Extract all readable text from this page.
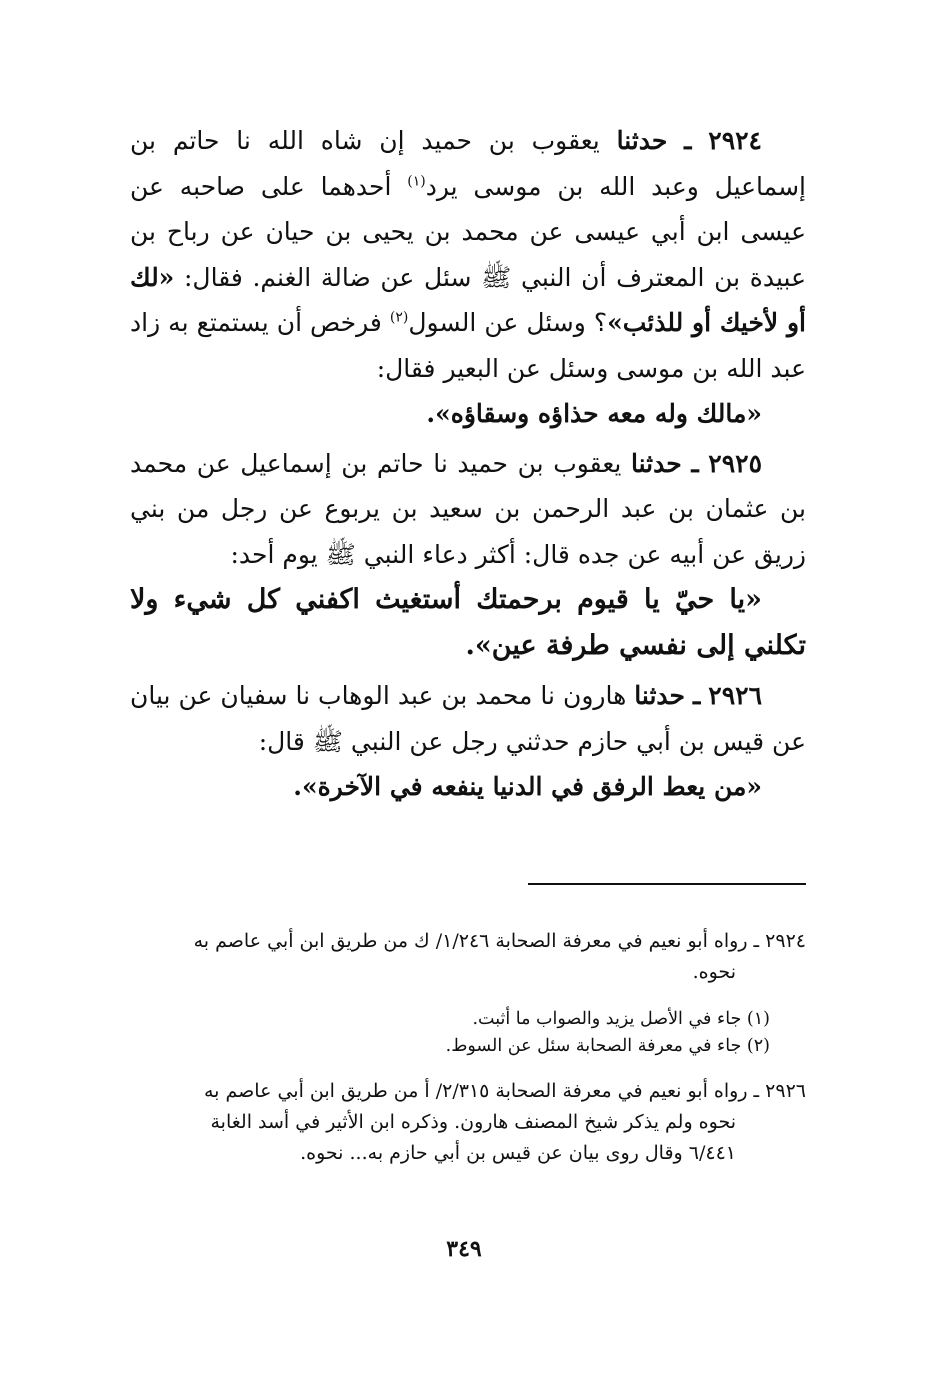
٢٩٢٤ ـ حدثنا يعقوب بن حميد إن شاه الله نا حاتم بن إسماعيل وعبد الله بن موسى يرد$^{(١)}$ أحدهما على صاحبه عن عيسى ابن أبي عيسى عن محمد بن يحيى بن حيان عن رباح بن عبيدة بن المعترف أن النبي ﷺ سئل عن ضالة الغنم. فقال: «لك أو لأخيك أو للذئب»؟ وسئل عن السول$^{(٢)}$ فرخص أن يستمتع به زاد عبد الله بن موسى وسئل عن البعير فقال:

«مالك وله معه حذاؤه وسقاؤه».

٢٩٢٥ ـ حدثنا يعقوب بن حميد نا حاتم بن إسماعيل عن محمد بن عثمان بن عبد الرحمن بن سعيد بن يربوع عن رجل من بني زريق عن أبيه عن جده قال: أكثر دعاء النبي ﷺ يوم أحد:

«يا حيّ يا قيوم برحمتك أستغيث اكفني كل شيء ولا تكلني إلى نفسي طرفة عين».

٢٩٢٦ ـ حدثنا هارون نا محمد بن عبد الوهاب نا سفيان عن بيان عن قيس بن أبي حازم حدثني رجل عن النبي ﷺ قال:

«من يعط الرفق في الدنيا ينفعه في الآخرة».

٢٩٢٤ ـ رواه أبو نعيم في معرفة الصحابة ١/٢٤٦/ ك من طريق ابن أبي عاصم به

نحوه.

(١) جاء في الأصل يزيد والصواب ما أثبت.

(٢) جاء في معرفة الصحابة سئل عن السوط.

٢٩٢٦ ـ رواه أبو نعيم في معرفة الصحابة ٢/٣١٥/ أ من طريق ابن أبي عاصم به

نحوه ولم يذكر شيخ المصنف هارون. وذكره ابن الأثير في أسد الغابة

٦/٤٤١ وقال روى بيان عن قيس بن أبي حازم به... نحوه.

٣٤٩
